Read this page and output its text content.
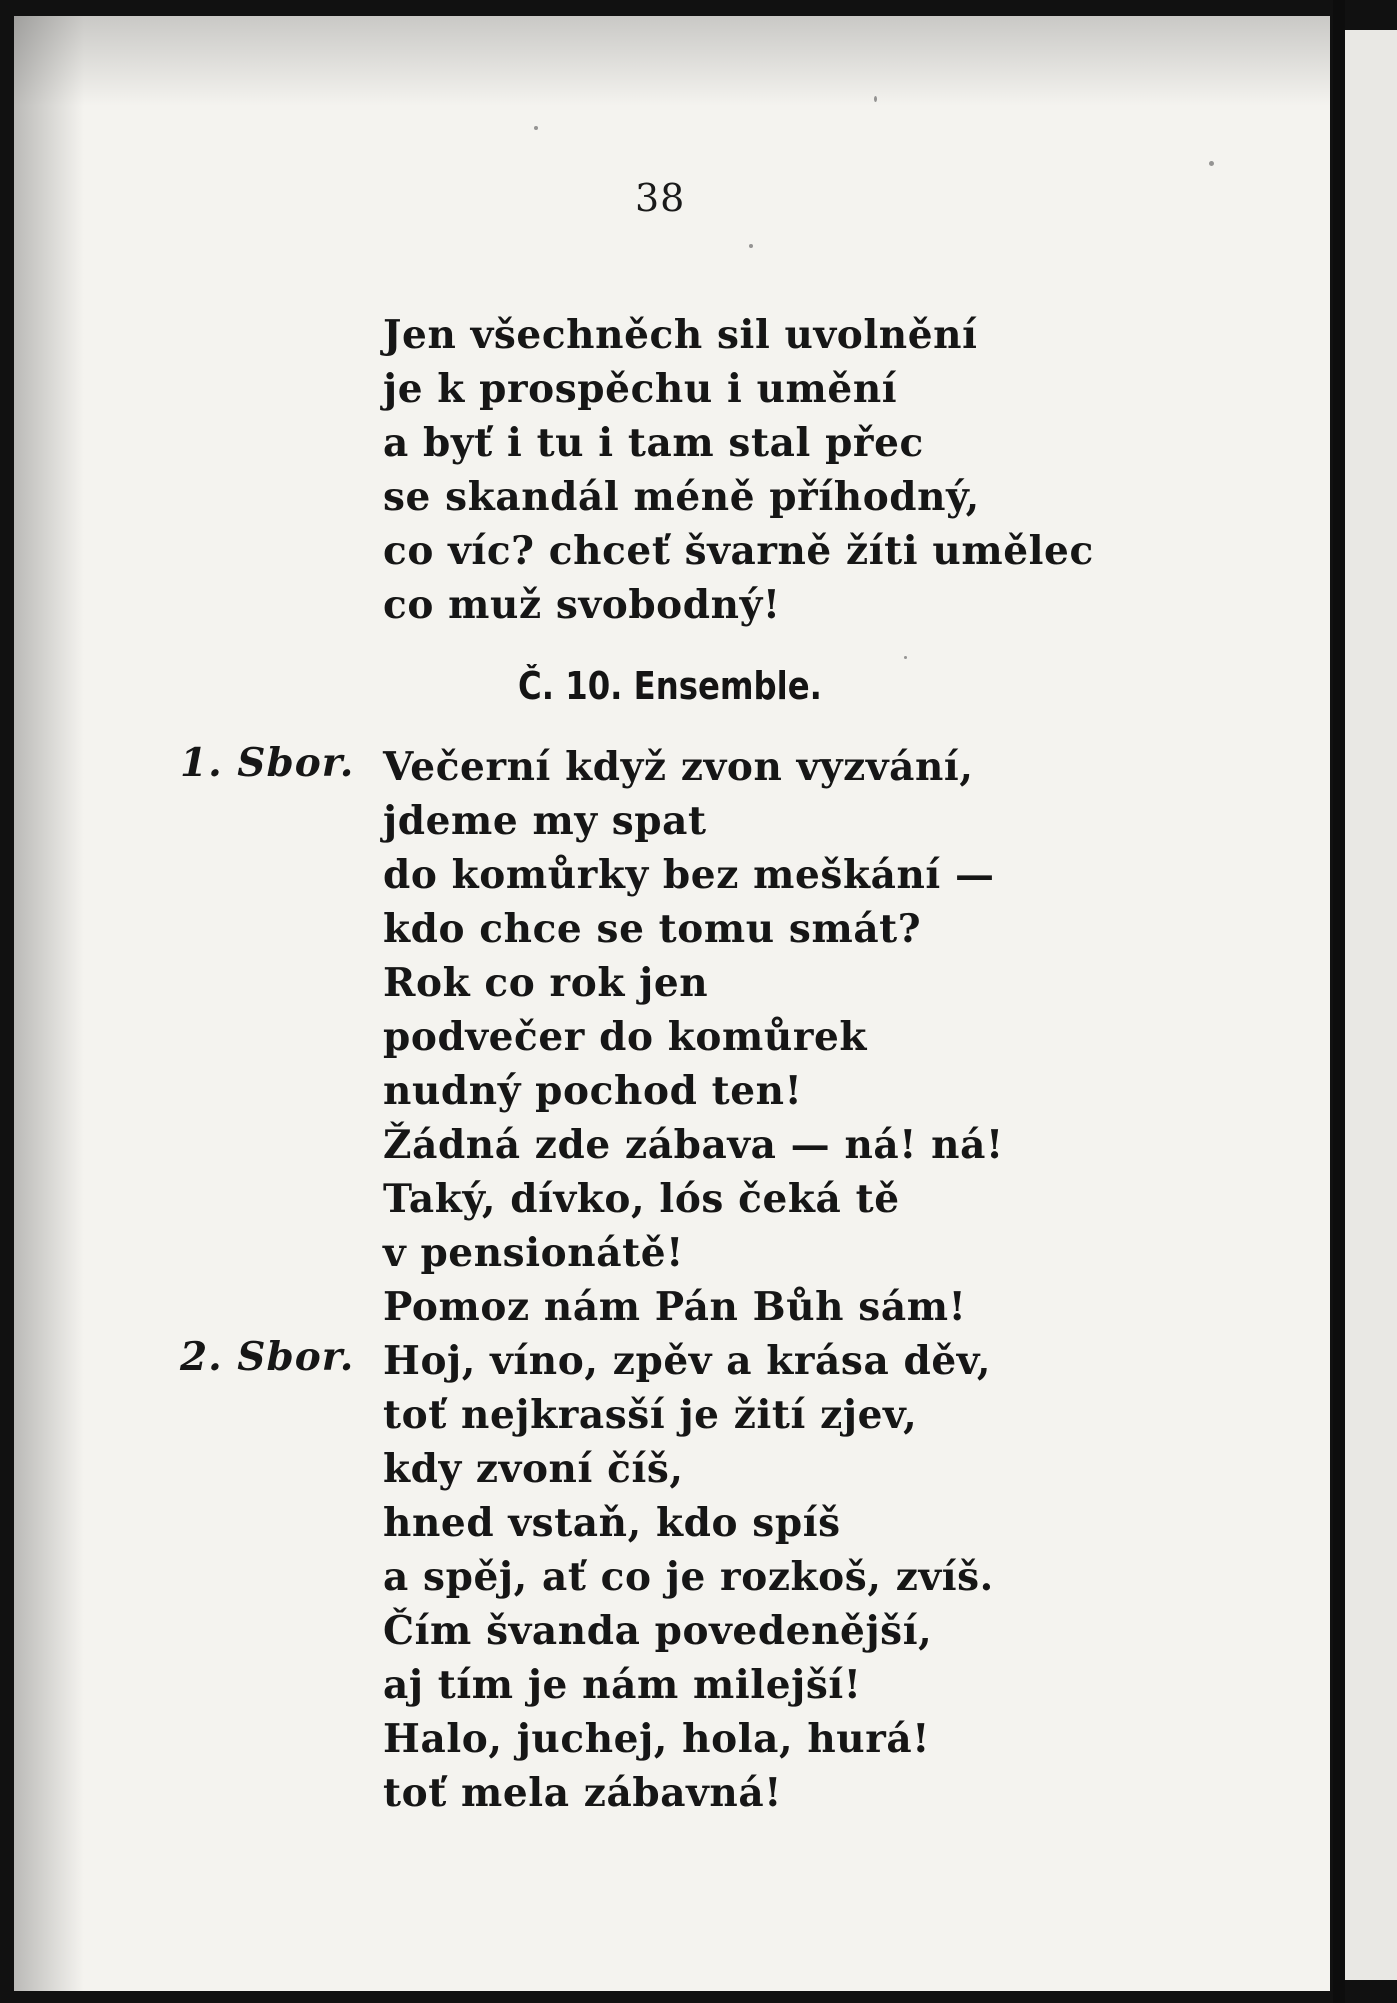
38
Jen všechněch sil uvolnění
je k prospěchu i umění
a byť i tu i tam stal přec
se skandál méně příhodný,
co víc? chceť švarně žíti umělec
co muž svobodný!
Č. 10. Ensemble.
1. Sbor. Večerní když zvon vyzvání,
jdeme my spat
do komůrky bez meškání —
kdo chce se tomu smát?
Rok co rok jen
podvečer do komůrek
nudný pochod ten!
Žádná zde zábava — ná! ná!
Taký, dívko, lós čeká tě
v pensionátě!
Pomoz nám Pán Bůh sám!
2. Sbor. Hoj, víno, zpěv a krása děv,
toť nejkrasší je žití zjev,
kdy zvoní číš,
hned vstaň, kdo spíš
a spěj, ať co je rozkoš, zvíš.
Čím švanda povedenější,
aj tím je nám milejší!
Halo, juchej, hola, hurá!
toť mela zábavná!
